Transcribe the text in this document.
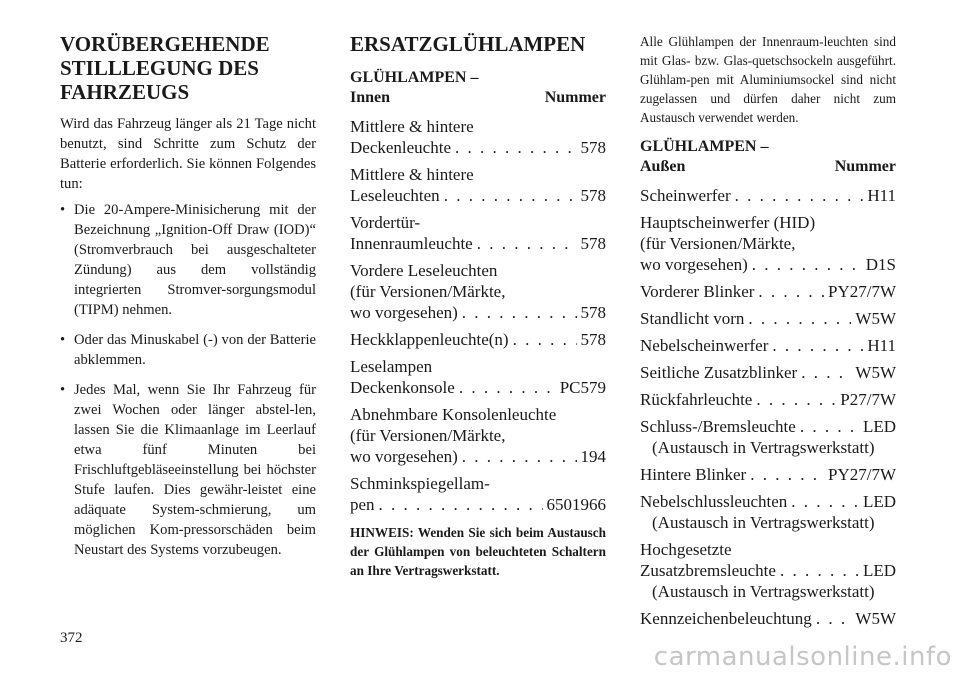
VORÜBERGEHENDE
STILLLEGUNG DES
FAHRZEUGS

Wird das Fahrzeug länger als 21 Tage nicht benutzt, sind Schritte zum Schutz der Batterie erforderlich. Sie können Folgendes tun:

• Die 20-Ampere-Minisicherung mit der Bezeichnung „Ignition-Off Draw (IOD)“ (Stromverbrauch bei ausgeschalteter Zündung) aus dem vollständig integrierten Stromver-sorgungsmodul (TIPM) nehmen.
• Oder das Minuskabel (-) von der Batterie abklemmen.
• Jedes Mal, wenn Sie Ihr Fahrzeug für zwei Wochen oder länger abstel-len, lassen Sie die Klimaanlage im Leerlauf etwa fünf Minuten bei Frischluftgebläseeinstellung bei höchster Stufe laufen. Dies gewähr-leistet eine adäquate System-schmierung, um möglichen Kom-pressorschäden beim Neustart des Systems vorzubeugen.
ERSATZGLÜHLAMPEN
GLÜHLAMPEN –
Innen	Nummer
Mittlere & hintere
Deckenleuchte . . .	578
Mittlere & hintere
Leseleuchten . . .	578
Vordertür-
Innenraumleuchte . . .	578
Vordere Leseleuchten
(für Versionen/Märkte,
wo vorgesehen) . . .	578
Heckklappenleuchte(n) . . .	578
Leselampen
Deckenkonsole . . .	PC579
Abnehmbare Konsolenleuchte
(für Versionen/Märkte,
wo vorgesehen) . . .	194
Schminkspiegellam-
pen . . .	6501966
HINWEIS: Wenden Sie sich beim Austausch der Glühlampen von beleuchteten Schaltern an Ihre Vertragswerkstatt.

Alle Glühlampen der Innenraum-leuchten sind mit Glas- bzw. Glas-quetschsockeln ausgeführt. Glühlam-pen mit Aluminiumsockel sind nicht zugelassen und dürfen daher nicht zum Austausch verwendet werden.

GLÜHLAMPEN –
Außen	Nummer
Scheinwerfer . . .	H11
Hauptscheinwerfer (HID)
(für Versionen/Märkte,
wo vorgesehen) . . .	D1S
Vorderer Blinker . . .	PY27/7W
Standlicht vorn . . .	W5W
Nebelscheinwerfer . . .	H11
Seitliche Zusatzblinker . . .	W5W
Rückfahrleuchte . . .	P27/7W
Schluss-/Bremsleuchte . . .	LED
(Austausch in Vertragswerkstatt)
Hintere Blinker . . .	PY27/7W
Nebelschlussleuchten . . .	LED
(Austausch in Vertragswerkstatt)
Hochgesetzte
Zusatzbremsleuchte . . .	LED
(Austausch in Vertragswerkstatt)
Kennzeichenbeleuchtung . . .	W5W
372
carmanualsonline.info
